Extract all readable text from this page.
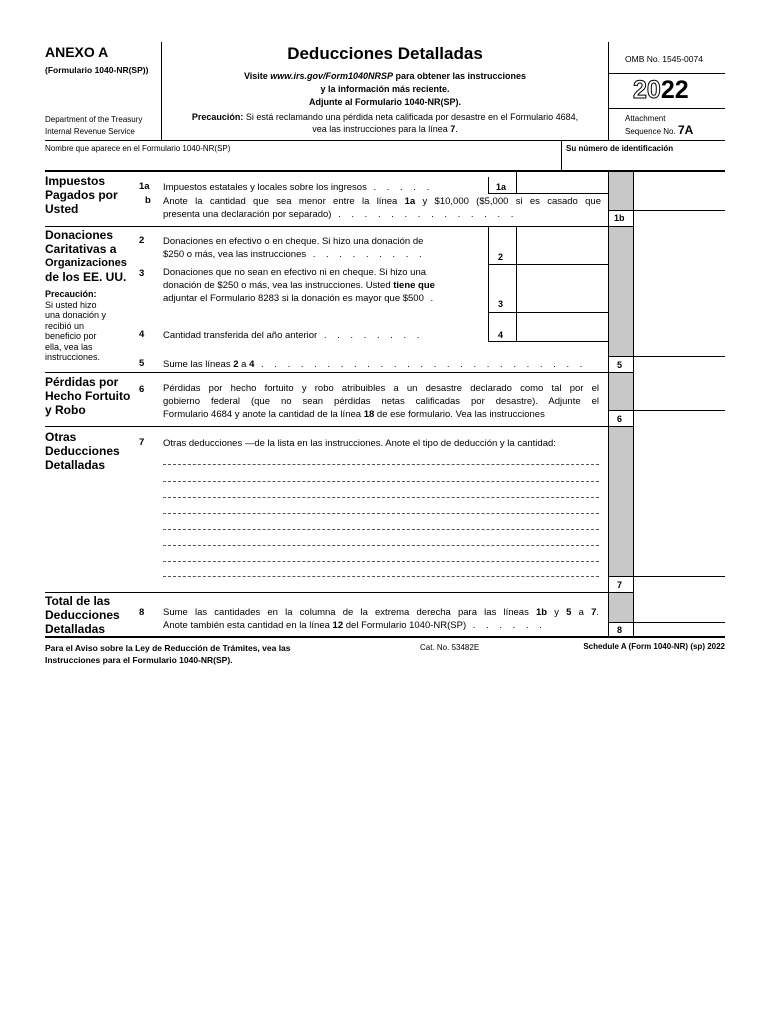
ANEXO A
(Formulario 1040-NR(SP))
Department of the Treasury
Internal Revenue Service
Deducciones Detalladas
Visite www.irs.gov/Form1040NRSP para obtener las instrucciones
y la información más reciente.
Adjunte al Formulario 1040-NR(SP).
Precaución: Si está reclamando una pérdida neta calificada por desastre en el Formulario 4684,
vea las instrucciones para la línea 7.
OMB No. 1545-0074
2022
Attachment
Sequence No. 7A
Nombre que aparece en el Formulario 1040-NR(SP)	Su número de identificación
Impuestos
Pagados por
Usted
Donaciones
Caritativas a
Organizaciones
de los EE. UU.
Precaución:
Si usted hizo
una donación y
recibió un
beneficio por
ella, vea las
instrucciones.
Pérdidas por
Hecho Fortuito
y Robo
Otras
Deducciones
Detalladas
Total de las
Deducciones
Detalladas
1a Impuestos estatales y locales sobre los ingresos . . . . .	1a
b Anote la cantidad que sea menor entre la línea 1a y $10,000 ($5,000 si es casado que
presenta una declaración por separado) . . . . . . . . . . . . . .	1b
2 Donaciones en efectivo o en cheque. Si hizo una donación de
$250 o más, vea las instrucciones . . . . . . . . .	2
3 Donaciones que no sean en efectivo ni en cheque. Si hizo una
donación de $250 o más, vea las instrucciones. Usted tiene que
adjuntar el Formulario 8283 si la donación es mayor que $500 .	3
4 Cantidad transferida del año anterior . . . . . . . .	4
5 Sume las líneas 2 a 4 . . . . . . . . . . . . . . . . . . . . . . . . .	5
6 Pérdidas por hecho fortuito y robo atribuibles a un desastre declarado como tal por el
gobierno federal (que no sean pérdidas netas calificadas por desastre). Adjunte el
Formulario 4684 y anote la cantidad de la línea 18 de ese formulario. Vea las instrucciones	6
7 Otras deducciones —de la lista en las instrucciones. Anote el tipo de deducción y la cantidad:
7
8 Sume las cantidades en la columna de la extrema derecha para las líneas 1b y 5 a 7.
Anote también esta cantidad en la línea 12 del Formulario 1040-NR(SP) . . . . . .	8
Para el Aviso sobre la Ley de Reducción de Trámites, vea las
Instrucciones para el Formulario 1040-NR(SP).
Cat. No. 53482E	Schedule A (Form 1040-NR) (sp) 2022
